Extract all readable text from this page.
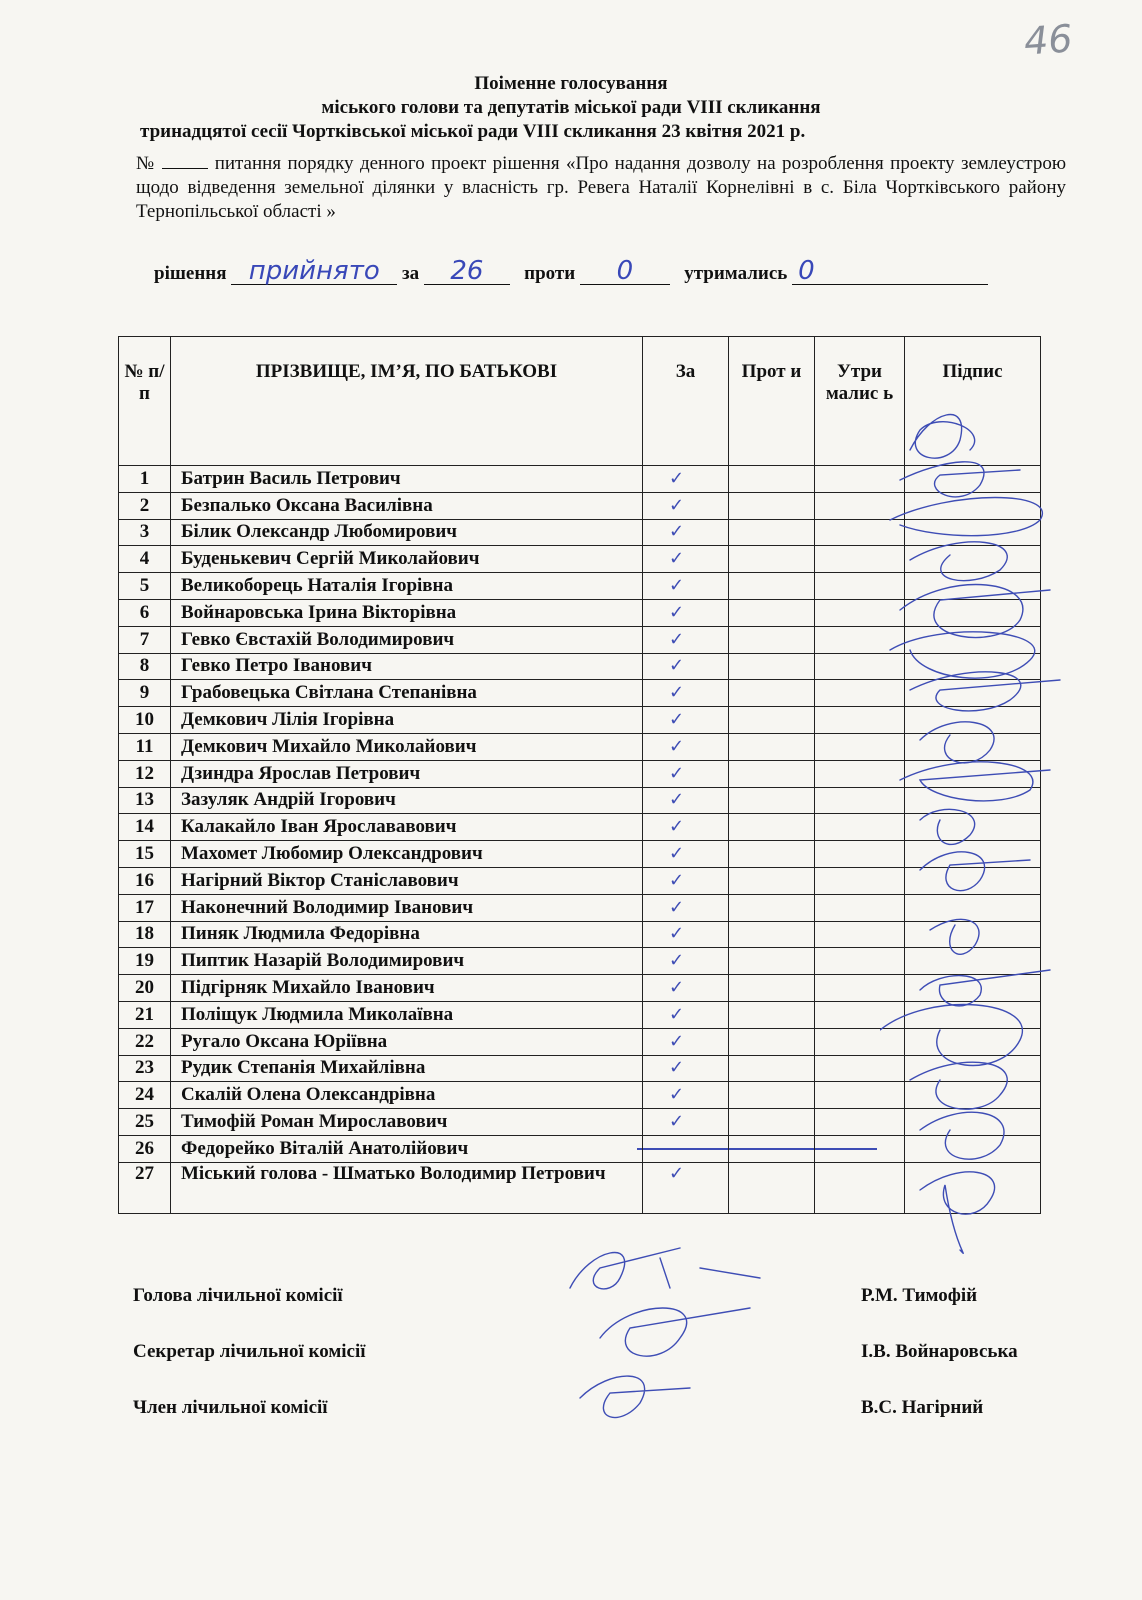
46
Поіменне голосування
міського голови та депутатів міської ради VIII скликання
тринадцятої сесії Чортківської міської ради VIII скликання 23 квітня 2021 р.
№	питання порядку денного проект рішення «Про надання дозволу на розроблення проекту землеустрою щодо відведення земельної ділянки у власність гр. Ревега Наталії Корнелівні в с. Біла Чортківського району Тернопільської області »
рішення прийнято за 26 проти 0	утримались 0
№ п/п	ПРІЗВИЩЕ, ІМ’Я, ПО БАТЬКОВІ	За	Прот и	Утри малис ь	Підпис
1	Батрин Василь Петрович	✓			
2	Безпалько Оксана Василівна	✓			
3	Білик Олександр Любомирович	✓			
4	Буденькевич Сергій Миколайович	✓			
5	Великоборець Наталія Ігорівна	✓			
6	Войнаровська Ірина Вікторівна	✓			
7	Гевко Євстахій Володимирович	✓			
8	Гевко Петро Іванович	✓			
9	Грабовецька Світлана Степанівна	✓			
10	Демкович Лілія Ігорівна	✓			
11	Демкович Михайло Миколайович	✓			
12	Дзиндра Ярослав Петрович	✓			
13	Зазуляк Андрій Ігорович	✓			
14	Калакайло Іван Ярослававович	✓			
15	Махомет Любомир Олександрович	✓			
16	Нагірний Віктор Станіславович	✓			
17	Наконечний Володимир Іванович	✓			
18	Пиняк Людмила Федорівна	✓			
19	Пиптик Назарій Володимирович	✓			
20	Підгірняк Михайло Іванович	✓			
21	Поліщук Людмила Миколаївна	✓			
22	Ругало Оксана Юріївна	✓			
23	Рудик Степанія Михайлівна	✓			
24	Скалій Олена Олександрівна	✓			
25	Тимофій Роман Мирославович	✓			
26	Федорейко Віталій Анатолійович	

27	Міський голова - Шматько Володимир Петрович	✓			
Голова лічильної комісії	Р.М. Тимофій
Секретар лічильної комісії	І.В. Войнаровська
Член лічильної комісії	В.С. Нагірний
